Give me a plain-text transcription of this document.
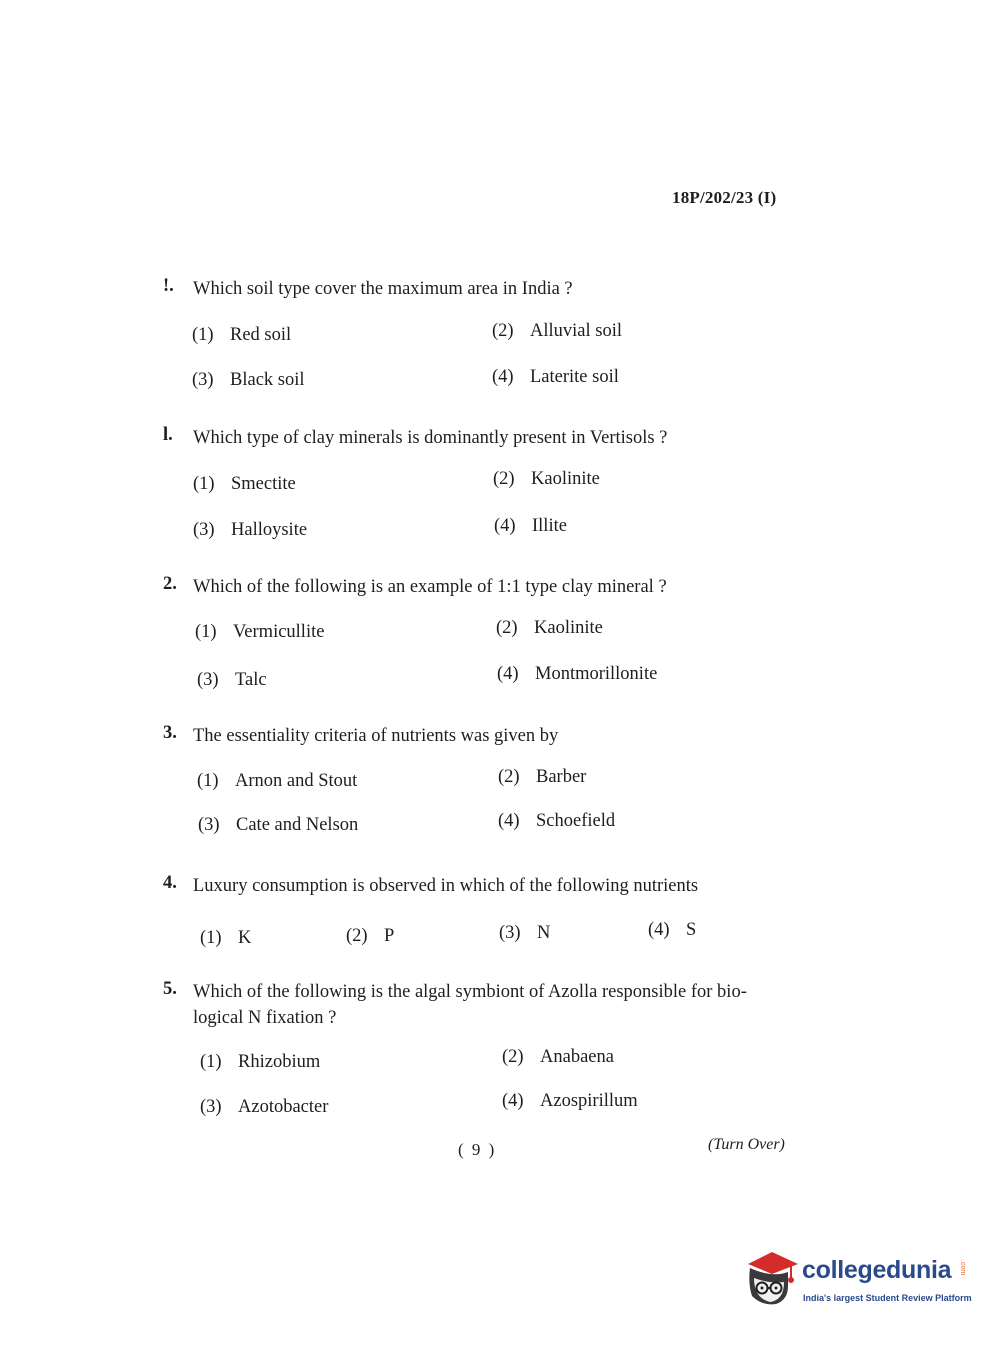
18P/202/23 (I)
!.	Which soil type cover the maximum area in India ?
(1) Red soil	(2) Alluvial soil
(3) Black soil	(4) Laterite soil
l.	Which type of clay minerals is dominantly present in Vertisols ?
(1) Smectite	(2) Kaolinite
(3) Halloysite	(4) Illite
2. Which of the following is an example of 1:1 type clay mineral ?
(1) Vermicullite	(2) Kaolinite
(3) Talc	(4) Montmorillonite
3. The essentiality criteria of nutrients was given by
(1) Arnon and Stout	(2) Barber
(3) Cate and Nelson	(4) Schoefield
4. Luxury consumption is observed in which of the following nutrients
(1) K	(2) P	(3) N	(4) S
5. Which of the following is the algal symbiont of Azolla responsible for bio-logical N fixation ?
(1) Rhizobium	(2) Anabaena
(3) Azotobacter	(4) Azospirillum
( 9 )	(Turn Over)
collegedunia .com
India's largest Student Review Platform
